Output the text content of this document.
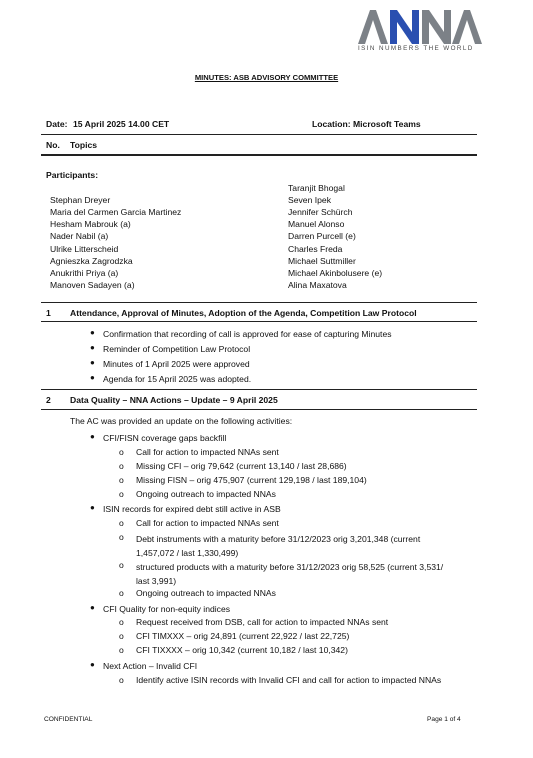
ISIN NUMBERS THE WORLD
MINUTES: ASB ADVISORY COMMITTEE
Date: 15 April 2025 14.00 CET	Location: Microsoft Teams
No. Topics
Participants:
Stephan Dreyer
Maria del Carmen Garcia Martinez
Hesham Mabrouk (a)
Nader Nabil (a)
Ulrike Litterscheid
Agnieszka Zagrodzka
Anukrithi Priya (a)
Manoven Sadayen (a)
Taranjit Bhogal
Seven Ipek
Jennifer Schürch
Manuel Alonso
Darren Purcell (e)
Charles Freda
Michael Suttmiller
Michael Akinbolusere (e)
Alina Maxatova
1 Attendance, Approval of Minutes, Adoption of the Agenda, Competition Law Protocol
● Confirmation that recording of call is approved for ease of capturing Minutes
● Reminder of Competition Law Protocol
● Minutes of 1 April 2025 were approved
● Agenda for 15 April 2025 was adopted.
2 Data Quality – NNA Actions – Update – 9 April 2025
The AC was provided an update on the following activities:
● CFI/FISN coverage gaps backfill
o Call for action to impacted NNAs sent
o Missing CFI – orig 79,642 (current 13,140 / last 28,686)
o Missing FISN – orig 475,907 (current 129,198 / last 189,104)
o Ongoing outreach to impacted NNAs
● ISIN records for expired debt still active in ASB
o Call for action to impacted NNAs sent
o Debt instruments with a maturity before 31/12/2023 orig 3,201,348 (current 1,457,072 / last 1,330,499)
o structured products with a maturity before 31/12/2023 orig 58,525 (current 3,531/ last 3,991)
o Ongoing outreach to impacted NNAs
● CFI Quality for non-equity indices
o Request received from DSB, call for action to impacted NNAs sent
o CFI TIMXXX – orig 24,891 (current 22,922 / last 22,725)
o CFI TIXXXX – orig 10,342 (current 10,182 / last 10,342)
● Next Action – Invalid CFI
o Identify active ISIN records with Invalid CFI and call for action to impacted NNAs
CONFIDENTIAL	Page 1 of 4
